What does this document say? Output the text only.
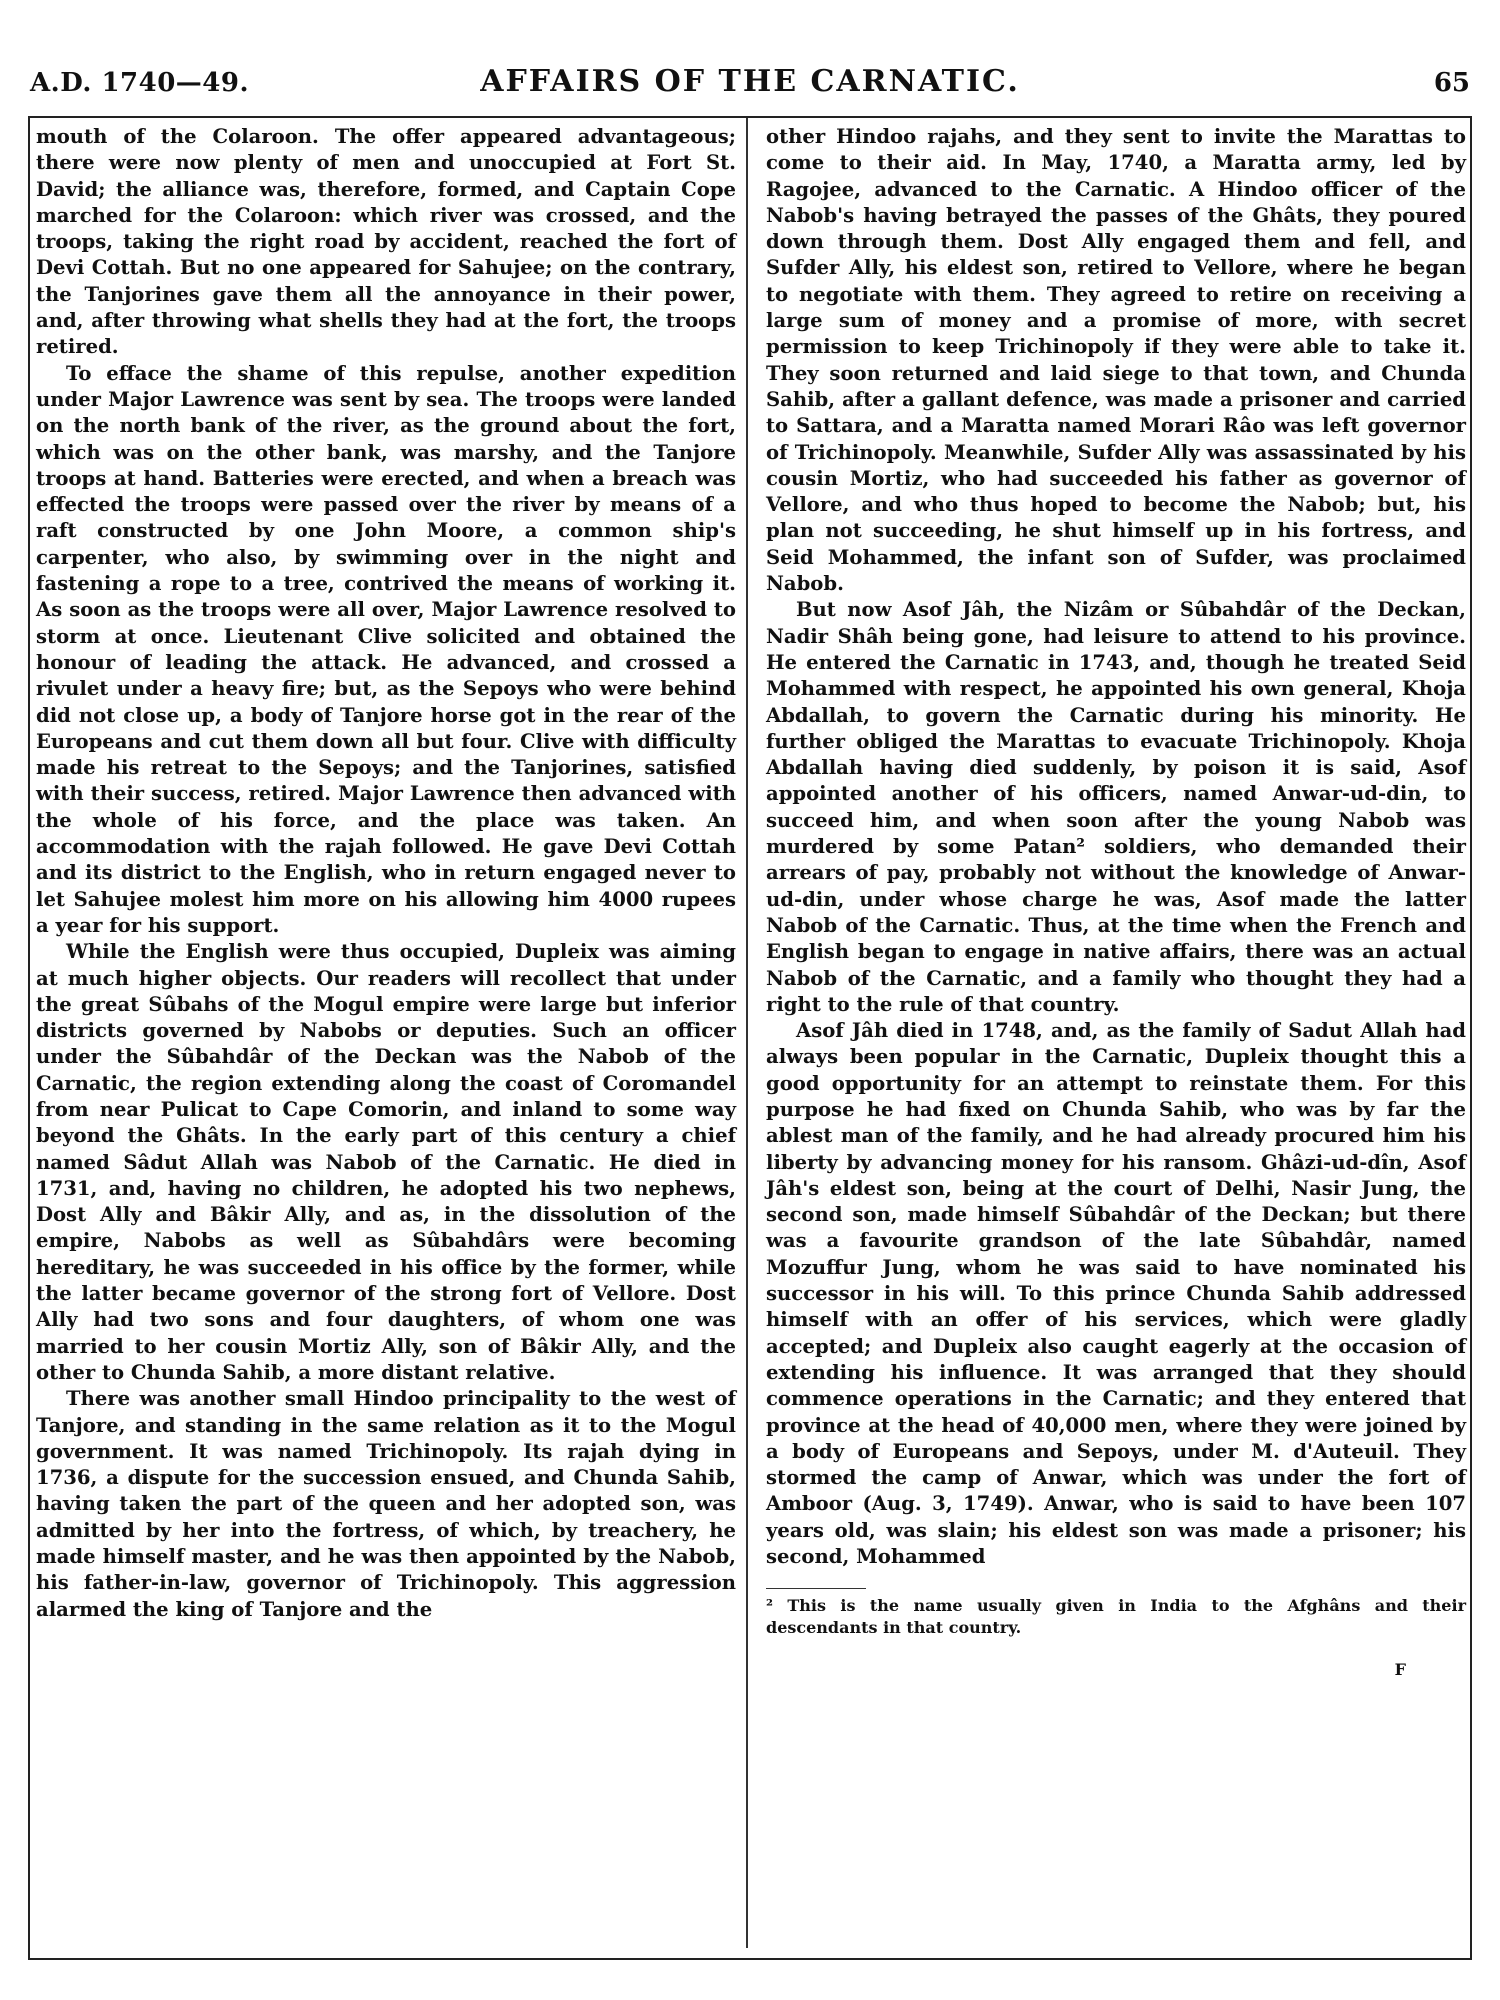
A.D. 1740—49.	AFFAIRS OF THE CARNATIC.	65

mouth of the Colaroon. The offer appeared advantageous; there were now plenty of men and unoccupied at Fort St. David; the alliance was, therefore, formed, and Captain Cope marched for the Colaroon: which river was crossed, and the troops, taking the right road by accident, reached the fort of Devi Cottah. But no one appeared for Sahujee; on the contrary, the Tanjorines gave them all the annoyance in their power, and, after throwing what shells they had at the fort, the troops retired.

To efface the shame of this repulse, another expedition under Major Lawrence was sent by sea. The troops were landed on the north bank of the river, as the ground about the fort, which was on the other bank, was marshy, and the Tanjore troops at hand. Batteries were erected, and when a breach was effected the troops were passed over the river by means of a raft constructed by one John Moore, a common ship's carpenter, who also, by swimming over in the night and fastening a rope to a tree, contrived the means of working it. As soon as the troops were all over, Major Lawrence resolved to storm at once. Lieutenant Clive solicited and obtained the honour of leading the attack. He advanced, and crossed a rivulet under a heavy fire; but, as the Sepoys who were behind did not close up, a body of Tanjore horse got in the rear of the Europeans and cut them down all but four. Clive with difficulty made his retreat to the Sepoys; and the Tanjorines, satisfied with their success, retired. Major Lawrence then advanced with the whole of his force, and the place was taken. An accommodation with the rajah followed. He gave Devi Cottah and its district to the English, who in return engaged never to let Sahujee molest him more on his allowing him 4000 rupees a year for his support.

While the English were thus occupied, Dupleix was aiming at much higher objects. Our readers will recollect that under the great Sûbahs of the Mogul empire were large but inferior districts governed by Nabobs or deputies. Such an officer under the Sûbahdâr of the Deckan was the Nabob of the Carnatic, the region extending along the coast of Coromandel from near Pulicat to Cape Comorin, and inland to some way beyond the Ghâts. In the early part of this century a chief named Sâdut Allah was Nabob of the Carnatic. He died in 1731, and, having no children, he adopted his two nephews, Dost Ally and Bâkir Ally, and as, in the dissolution of the empire, Nabobs as well as Sûbahdârs were becoming hereditary, he was succeeded in his office by the former, while the latter became governor of the strong fort of Vellore. Dost Ally had two sons and four daughters, of whom one was married to her cousin Mortiz Ally, son of Bâkir Ally, and the other to Chunda Sahib, a more distant relative.

There was another small Hindoo principality to the west of Tanjore, and standing in the same relation as it to the Mogul government. It was named Trichinopoly. Its rajah dying in 1736, a dispute for the succession ensued, and Chunda Sahib, having taken the part of the queen and her adopted son, was admitted by her into the fortress, of which, by treachery, he made himself master, and he was then appointed by the Nabob, his father-in-law, governor of Trichinopoly. This aggression alarmed the king of Tanjore and the

other Hindoo rajahs, and they sent to invite the Marattas to come to their aid. In May, 1740, a Maratta army, led by Ragojee, advanced to the Carnatic. A Hindoo officer of the Nabob's having betrayed the passes of the Ghâts, they poured down through them. Dost Ally engaged them and fell, and Sufder Ally, his eldest son, retired to Vellore, where he began to negotiate with them. They agreed to retire on receiving a large sum of money and a promise of more, with secret permission to keep Trichinopoly if they were able to take it. They soon returned and laid siege to that town, and Chunda Sahib, after a gallant defence, was made a prisoner and carried to Sattara, and a Maratta named Morari Râo was left governor of Trichinopoly. Meanwhile, Sufder Ally was assassinated by his cousin Mortiz, who had succeeded his father as governor of Vellore, and who thus hoped to become the Nabob; but, his plan not succeeding, he shut himself up in his fortress, and Seid Mohammed, the infant son of Sufder, was proclaimed Nabob.

But now Asof Jâh, the Nizâm or Sûbahdâr of the Deckan, Nadir Shâh being gone, had leisure to attend to his province. He entered the Carnatic in 1743, and, though he treated Seid Mohammed with respect, he appointed his own general, Khoja Abdallah, to govern the Carnatic during his minority. He further obliged the Marattas to evacuate Trichinopoly. Khoja Abdallah having died suddenly, by poison it is said, Asof appointed another of his officers, named Anwar-ud-din, to succeed him, and when soon after the young Nabob was murdered by some Patan² soldiers, who demanded their arrears of pay, probably not without the knowledge of Anwar-ud-din, under whose charge he was, Asof made the latter Nabob of the Carnatic. Thus, at the time when the French and English began to engage in native affairs, there was an actual Nabob of the Carnatic, and a family who thought they had a right to the rule of that country.

Asof Jâh died in 1748, and, as the family of Sadut Allah had always been popular in the Carnatic, Dupleix thought this a good opportunity for an attempt to reinstate them. For this purpose he had fixed on Chunda Sahib, who was by far the ablest man of the family, and he had already procured him his liberty by advancing money for his ransom. Ghâzi-ud-dîn, Asof Jâh's eldest son, being at the court of Delhi, Nasir Jung, the second son, made himself Sûbahdâr of the Deckan; but there was a favourite grandson of the late Sûbahdâr, named Mozuffur Jung, whom he was said to have nominated his successor in his will. To this prince Chunda Sahib addressed himself with an offer of his services, which were gladly accepted; and Dupleix also caught eagerly at the occasion of extending his influence. It was arranged that they should commence operations in the Carnatic; and they entered that province at the head of 40,000 men, where they were joined by a body of Europeans and Sepoys, under M. d'Auteuil. They stormed the camp of Anwar, which was under the fort of Amboor (Aug. 3, 1749). Anwar, who is said to have been 107 years old, was slain; his eldest son was made a prisoner; his second, Mohammed

² This is the name usually given in India to the Afghâns and their descendants in that country.

F
